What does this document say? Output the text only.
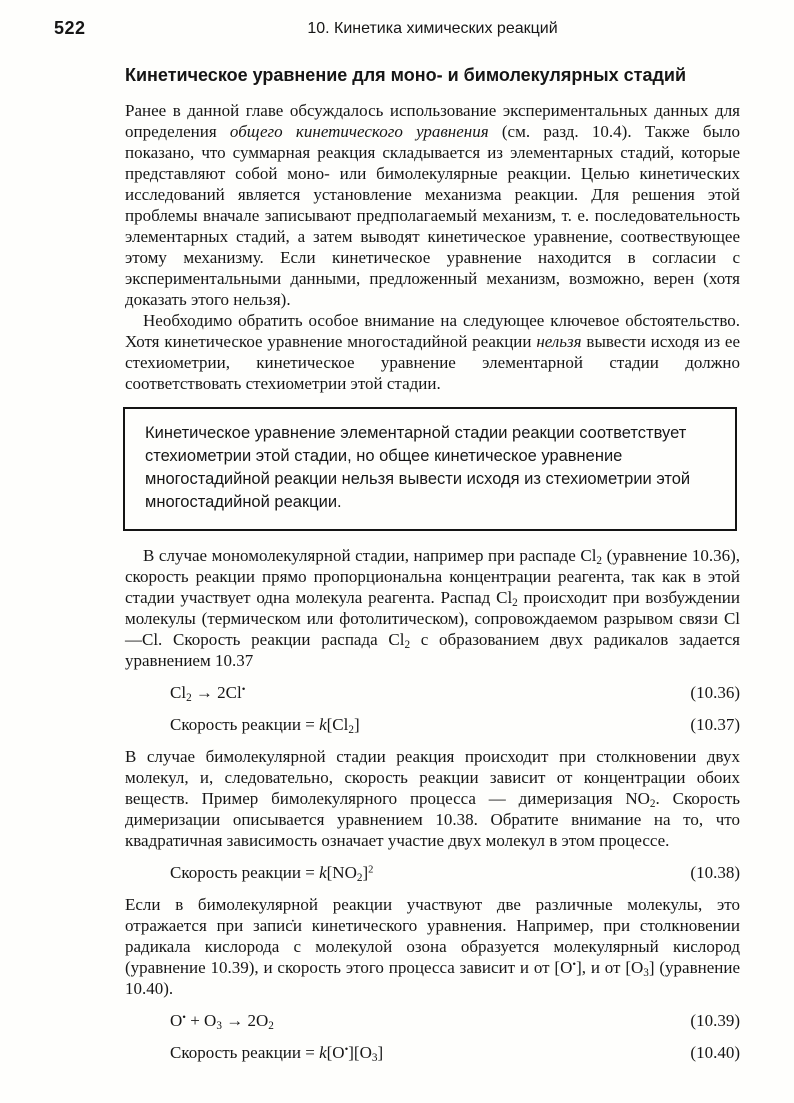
522	10. Кинетика химических реакций
Кинетическое уравнение для моно- и бимолекулярных стадий

Ранее в данной главе обсуждалось использование экспериментальных данных для определения общего кинетического уравнения (см. разд. 10.4). Также было показано, что суммарная реакция складывается из элементарных стадий, которые представляют собой моно- или бимолекулярные реакции. Целью кинетических исследований является установление механизма реакции. Для решения этой проблемы вначале записывают предполагаемый механизм, т. е. последовательность элементарных стадий, а затем выводят кинетическое уравнение, соотвествующее этому механизму. Если кинетическое уравнение находится в согласии с экспериментальными данными, предложенный механизм, возможно, верен (хотя доказать этого нельзя).

Необходимо обратить особое внимание на следующее ключевое обстоятельство. Хотя кинетическое уравнение многостадийной реакции нельзя вывести исходя из ее стехиометрии, кинетическое уравнение элементарной стадии должно соответствовать стехиометрии этой стадии.

Кинетическое уравнение элементарной стадии реакции соответствует стехиометрии этой стадии, но общее кинетическое уравнение многостадийной реакции нельзя вывести исходя из стехиометрии этой многостадийной реакции.

В случае мономолекулярной стадии, например при распаде $Cl_2$ (уравнение 10.36), скорость реакции прямо пропорциональна концентрации реагента, так как в этой стадии участвует одна молекула реагента. Распад $Cl_2$ происходит при возбуждении молекулы (термическом или фотолитическом), сопровождаемом разрывом связи Cl—Cl. Скорость реакции распада $Cl_2$ с образованием двух радикалов задается уравнением 10.37

$Cl_2 \to 2Cl^•$	(10.36)
Скорость реакции = $k[Cl_2]$	(10.37)

В случае бимолекулярной стадии реакция происходит при столкновении двух молекул, и, следовательно, скорость реакции зависит от концентрации обоих веществ. Пример бимолекулярного процесса — димеризация $NO_2$. Скорость димеризации описывается уравнением 10.38. Обратите внимание на то, что квадратичная зависимость означает участие двух молекул в этом процессе.

Скорость реакции = $k[NO_2]^2$	(10.38)

Если в бимолекулярной реакции участвуют две различные молекулы, это отражается при запис̇и кинетического уравнения. Например, при столкновении радикала кислорода с молекулой озона образуется молекулярный кислород (уравнение 10.39), и скорость этого процесса зависит и от [O•], и от $[O_3]$ (уравнение 10.40).

$O^• + O_3 \to 2O_2$	(10.39)
Скорость реакции = $k[O^•][O_3]$	(10.40)
